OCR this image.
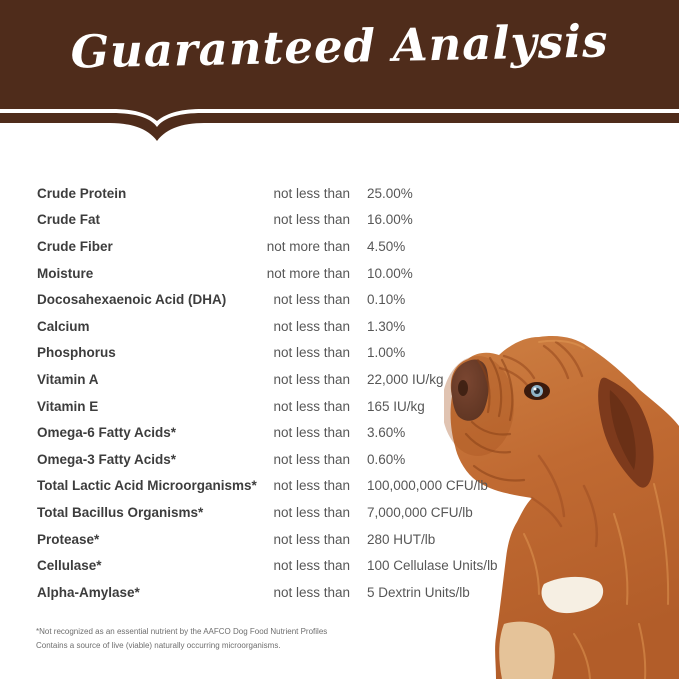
Guaranteed Analysis
Crude Protein	not less than 25.00%
Crude Fat	not less than 16.00%
Crude Fiber	not more than 4.50%
Moisture	not more than 10.00%
Docosahexaenoic Acid (DHA)	not less than 0.10%
Calcium	not less than 1.30%
Phosphorus	not less than 1.00%
Vitamin A	not less than 22,000 IU/kg
Vitamin E	not less than 165 IU/kg
Omega-6 Fatty Acids*	not less than 3.60%
Omega-3 Fatty Acids*	not less than 0.60%
Total Lactic Acid Microorganisms*	not less than 100,000,000 CFU/lb
Total Bacillus Organisms*	not less than 7,000,000 CFU/lb
Protease*	not less than 280 HUT/lb
Cellulase*	not less than 100 Cellulase Units/lb
Alpha-Amylase*	not less than 5 Dextrin Units/lb
*Not recognized as an essential nutrient by the AAFCO Dog Food Nutrient Profiles
Contains a source of live (viable) naturally occurring microorganisms.
